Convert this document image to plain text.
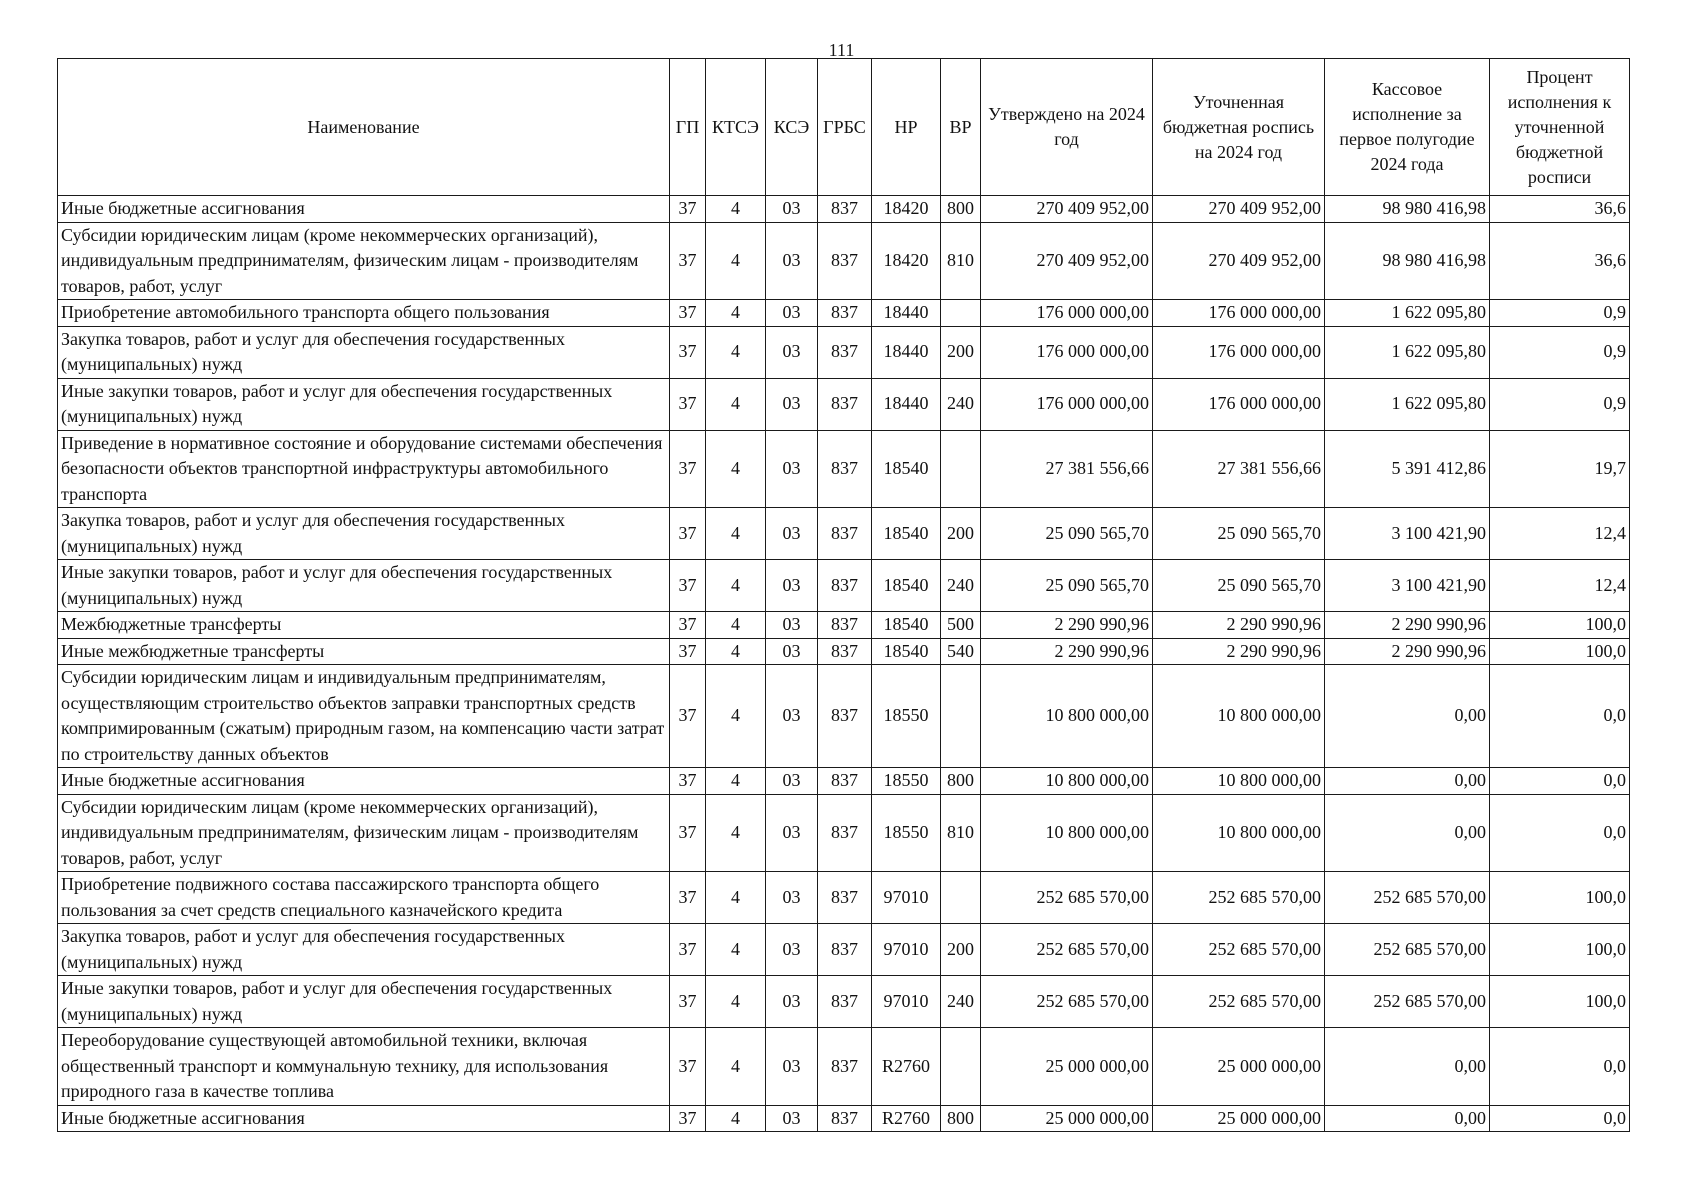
111
Наименование	ГП	КТСЭ	КСЭ	ГРБС	НР	ВР	Утверждено на 2024 год	Уточненная бюджетная роспись на 2024 год	Кассовое исполнение за первое полугодие 2024 года	Процент исполнения к уточненной бюджетной росписи
Иные бюджетные ассигнования	37	4	03	837	18420	800	270 409 952,00	270 409 952,00	98 980 416,98	36,6
Субсидии юридическим лицам (кроме некоммерческих организаций), индивидуальным предпринимателям, физическим лицам - производителям товаров, работ, услуг	37	4	03	837	18420	810	270 409 952,00	270 409 952,00	98 980 416,98	36,6
Приобретение автомобильного транспорта общего пользования	37	4	03	837	18440		176 000 000,00	176 000 000,00	1 622 095,80	0,9
Закупка товаров, работ и услуг для обеспечения государственных (муниципальных) нужд	37	4	03	837	18440	200	176 000 000,00	176 000 000,00	1 622 095,80	0,9
Иные закупки товаров, работ и услуг для обеспечения государственных (муниципальных) нужд	37	4	03	837	18440	240	176 000 000,00	176 000 000,00	1 622 095,80	0,9
Приведение в нормативное состояние и оборудование системами обеспечения безопасности объектов транспортной инфраструктуры автомобильного транспорта	37	4	03	837	18540		27 381 556,66	27 381 556,66	5 391 412,86	19,7
Закупка товаров, работ и услуг для обеспечения государственных (муниципальных) нужд	37	4	03	837	18540	200	25 090 565,70	25 090 565,70	3 100 421,90	12,4
Иные закупки товаров, работ и услуг для обеспечения государственных (муниципальных) нужд	37	4	03	837	18540	240	25 090 565,70	25 090 565,70	3 100 421,90	12,4
Межбюджетные трансферты	37	4	03	837	18540	500	2 290 990,96	2 290 990,96	2 290 990,96	100,0
Иные межбюджетные трансферты	37	4	03	837	18540	540	2 290 990,96	2 290 990,96	2 290 990,96	100,0
Субсидии юридическим лицам и индивидуальным предпринимателям, осуществляющим строительство объектов заправки транспортных средств компримированным (сжатым) природным газом, на компенсацию части затрат по строительству данных объектов	37	4	03	837	18550		10 800 000,00	10 800 000,00	0,00	0,0
Иные бюджетные ассигнования	37	4	03	837	18550	800	10 800 000,00	10 800 000,00	0,00	0,0
Субсидии юридическим лицам (кроме некоммерческих организаций), индивидуальным предпринимателям, физическим лицам - производителям товаров, работ, услуг	37	4	03	837	18550	810	10 800 000,00	10 800 000,00	0,00	0,0
Приобретение подвижного состава пассажирского транспорта общего пользования за счет средств специального казначейского кредита	37	4	03	837	97010		252 685 570,00	252 685 570,00	252 685 570,00	100,0
Закупка товаров, работ и услуг для обеспечения государственных (муниципальных) нужд	37	4	03	837	97010	200	252 685 570,00	252 685 570,00	252 685 570,00	100,0
Иные закупки товаров, работ и услуг для обеспечения государственных (муниципальных) нужд	37	4	03	837	97010	240	252 685 570,00	252 685 570,00	252 685 570,00	100,0
Переоборудование существующей автомобильной техники, включая общественный транспорт и коммунальную технику, для использования природного газа в качестве топлива	37	4	03	837	R2760		25 000 000,00	25 000 000,00	0,00	0,0
Иные бюджетные ассигнования	37	4	03	837	R2760	800	25 000 000,00	25 000 000,00	0,00	0,0
